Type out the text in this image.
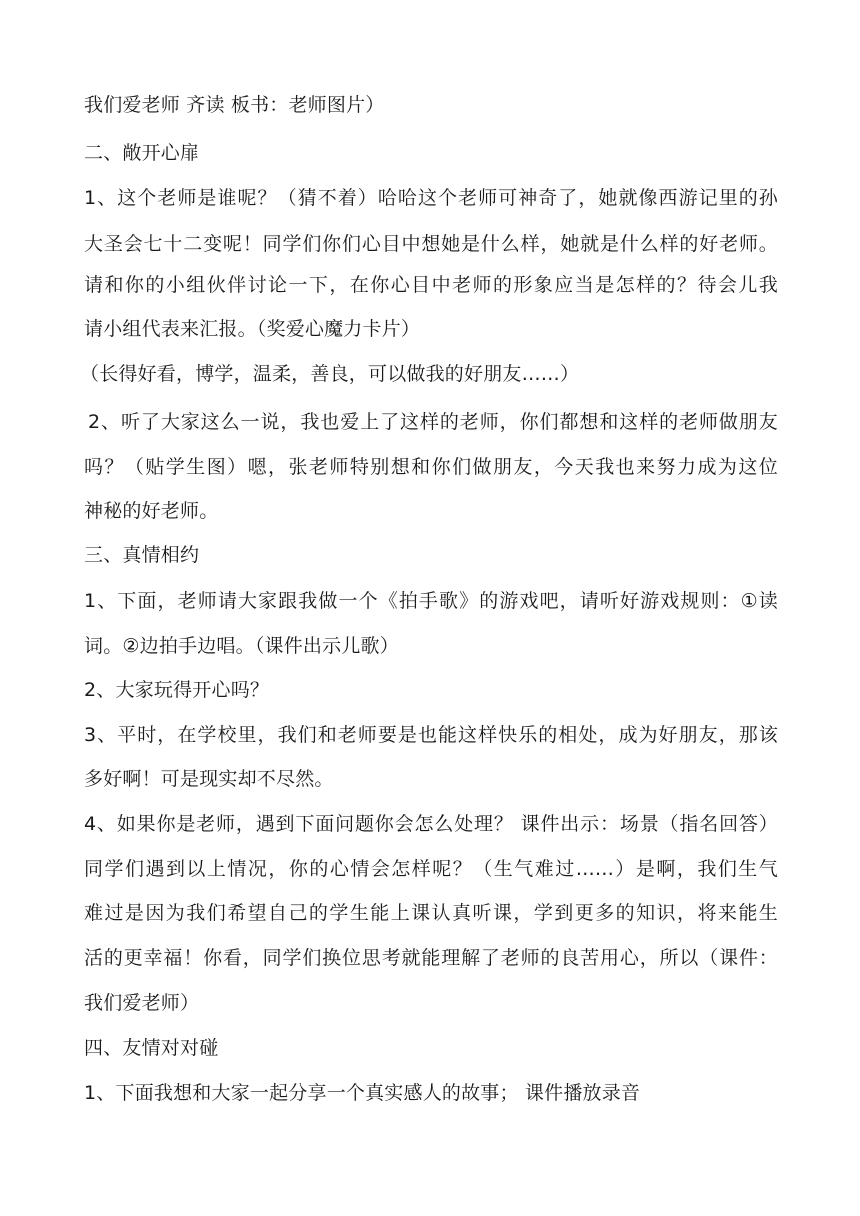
我们爱老师 齐读 板书：老师图片）
二、敞开心扉
1、这个老师是谁呢？（猜不着）哈哈这个老师可神奇了，她就像西游记里的孙
大圣会七十二变呢！同学们你们心目中想她是什么样，她就是什么样的好老师。
请和你的小组伙伴讨论一下，在你心目中老师的形象应当是怎样的？待会儿我
请小组代表来汇报。（奖爱心魔力卡片）
（长得好看，博学，温柔，善良，可以做我的好朋友……）
2、听了大家这么一说，我也爱上了这样的老师，你们都想和这样的老师做朋友
吗？（贴学生图）嗯，张老师特别想和你们做朋友，今天我也来努力成为这位
神秘的好老师。
三、真情相约
1、下面，老师请大家跟我做一个《拍手歌》的游戏吧，请听好游戏规则：①读
词。②边拍手边唱。（课件出示儿歌）
2、大家玩得开心吗？
3、平时，在学校里，我们和老师要是也能这样快乐的相处，成为好朋友，那该
多好啊！可是现实却不尽然。
4、如果你是老师，遇到下面问题你会怎么处理？ 课件出示：场景（指名回答）
同学们遇到以上情况，你的心情会怎样呢？（生气难过……）是啊，我们生气
难过是因为我们希望自己的学生能上课认真听课，学到更多的知识，将来能生
活的更幸福！你看，同学们换位思考就能理解了老师的良苦用心，所以（课件：
我们爱老师）
四、友情对对碰
1、下面我想和大家一起分享一个真实感人的故事； 课件播放录音
